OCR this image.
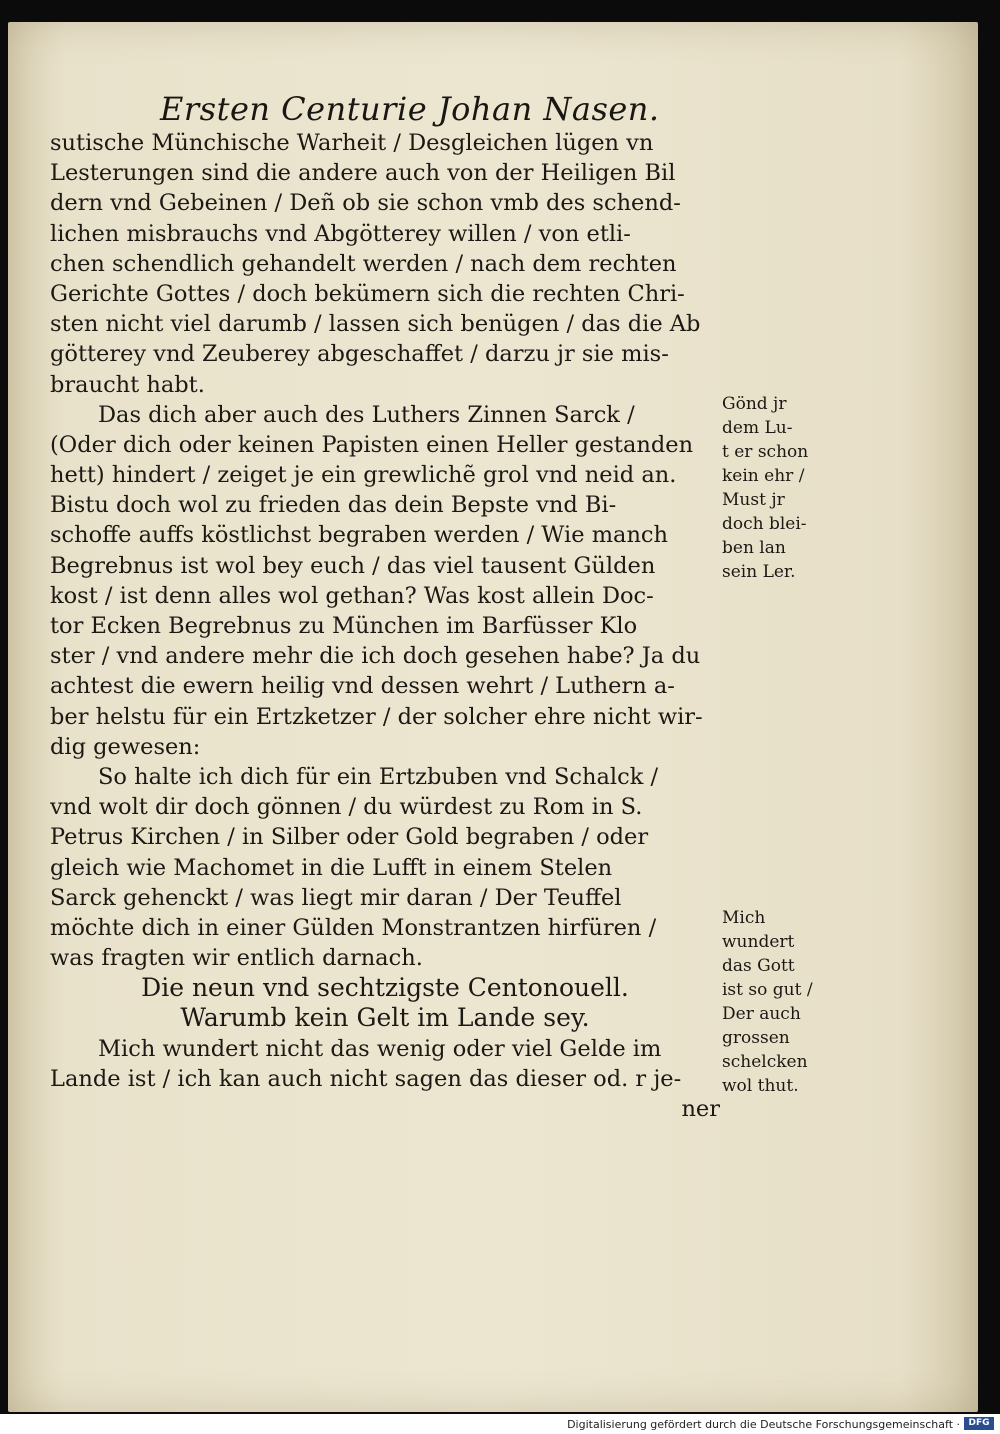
Ersten Centurie Johan Nasen.
sutische Münchische Warheit / Desgleichen lügen vn
Lesterungen sind die andere auch von der Heiligen Bil
dern vnd Gebeinen / Deñ ob sie schon vmb des schend-
lichen misbrauchs vnd Abgötterey willen / von etli-
chen schendlich gehandelt werden / nach dem rechten
Gerichte Gottes / doch bekümern sich die rechten Chri-
sten nicht viel darumb / lassen sich benügen / das die Ab
götterey vnd Zeuberey abgeschaffet / darzu jr sie mis-
braucht habt.
Das dich aber auch des Luthers Zinnen Sarck /
(Oder dich oder keinen Papisten einen Heller gestanden
hett) hindert / zeiget je ein grewlichẽ grol vnd neid an.
Bistu doch wol zu frieden das dein Bepste vnd Bi-
schoffe auffs köstlichst begraben werden / Wie manch
Begrebnus ist wol bey euch / das viel tausent Gülden
kost / ist denn alles wol gethan? Was kost allein Doc-
tor Ecken Begrebnus zu München im Barfüsser Klo
ster / vnd andere mehr die ich doch gesehen habe? Ja du
achtest die ewern heilig vnd dessen wehrt / Luthern a-
ber helstu für ein Ertzketzer / der solcher ehre nicht wir-
dig gewesen:
So halte ich dich für ein Ertzbuben vnd Schalck /
vnd wolt dir doch gönnen / du würdest zu Rom in S.
Petrus Kirchen / in Silber oder Gold begraben / oder
gleich wie Machomet in die Lufft in einem Stelen
Sarck gehenckt / was liegt mir daran / Der Teuffel
möchte dich in einer Gülden Monstrantzen hirfüren /
was fragten wir entlich darnach.
Die neun vnd sechtzigste Centonouell.
Warumb kein Gelt im Lande sey.
Mich wundert nicht das wenig oder viel Gelde im
Lande ist / ich kan auch nicht sagen das dieser od. r je-
ner
Gönd jr
dem Lu-
t er schon
kein ehr /
Must jr
doch blei-
ben lan
sein Ler.
Mich
wundert
das Gott
ist so gut /
Der auch
grossen
schelcken
wol thut.
Digitalisierung gefördert durch die Deutsche Forschungsgemeinschaft · DFG
